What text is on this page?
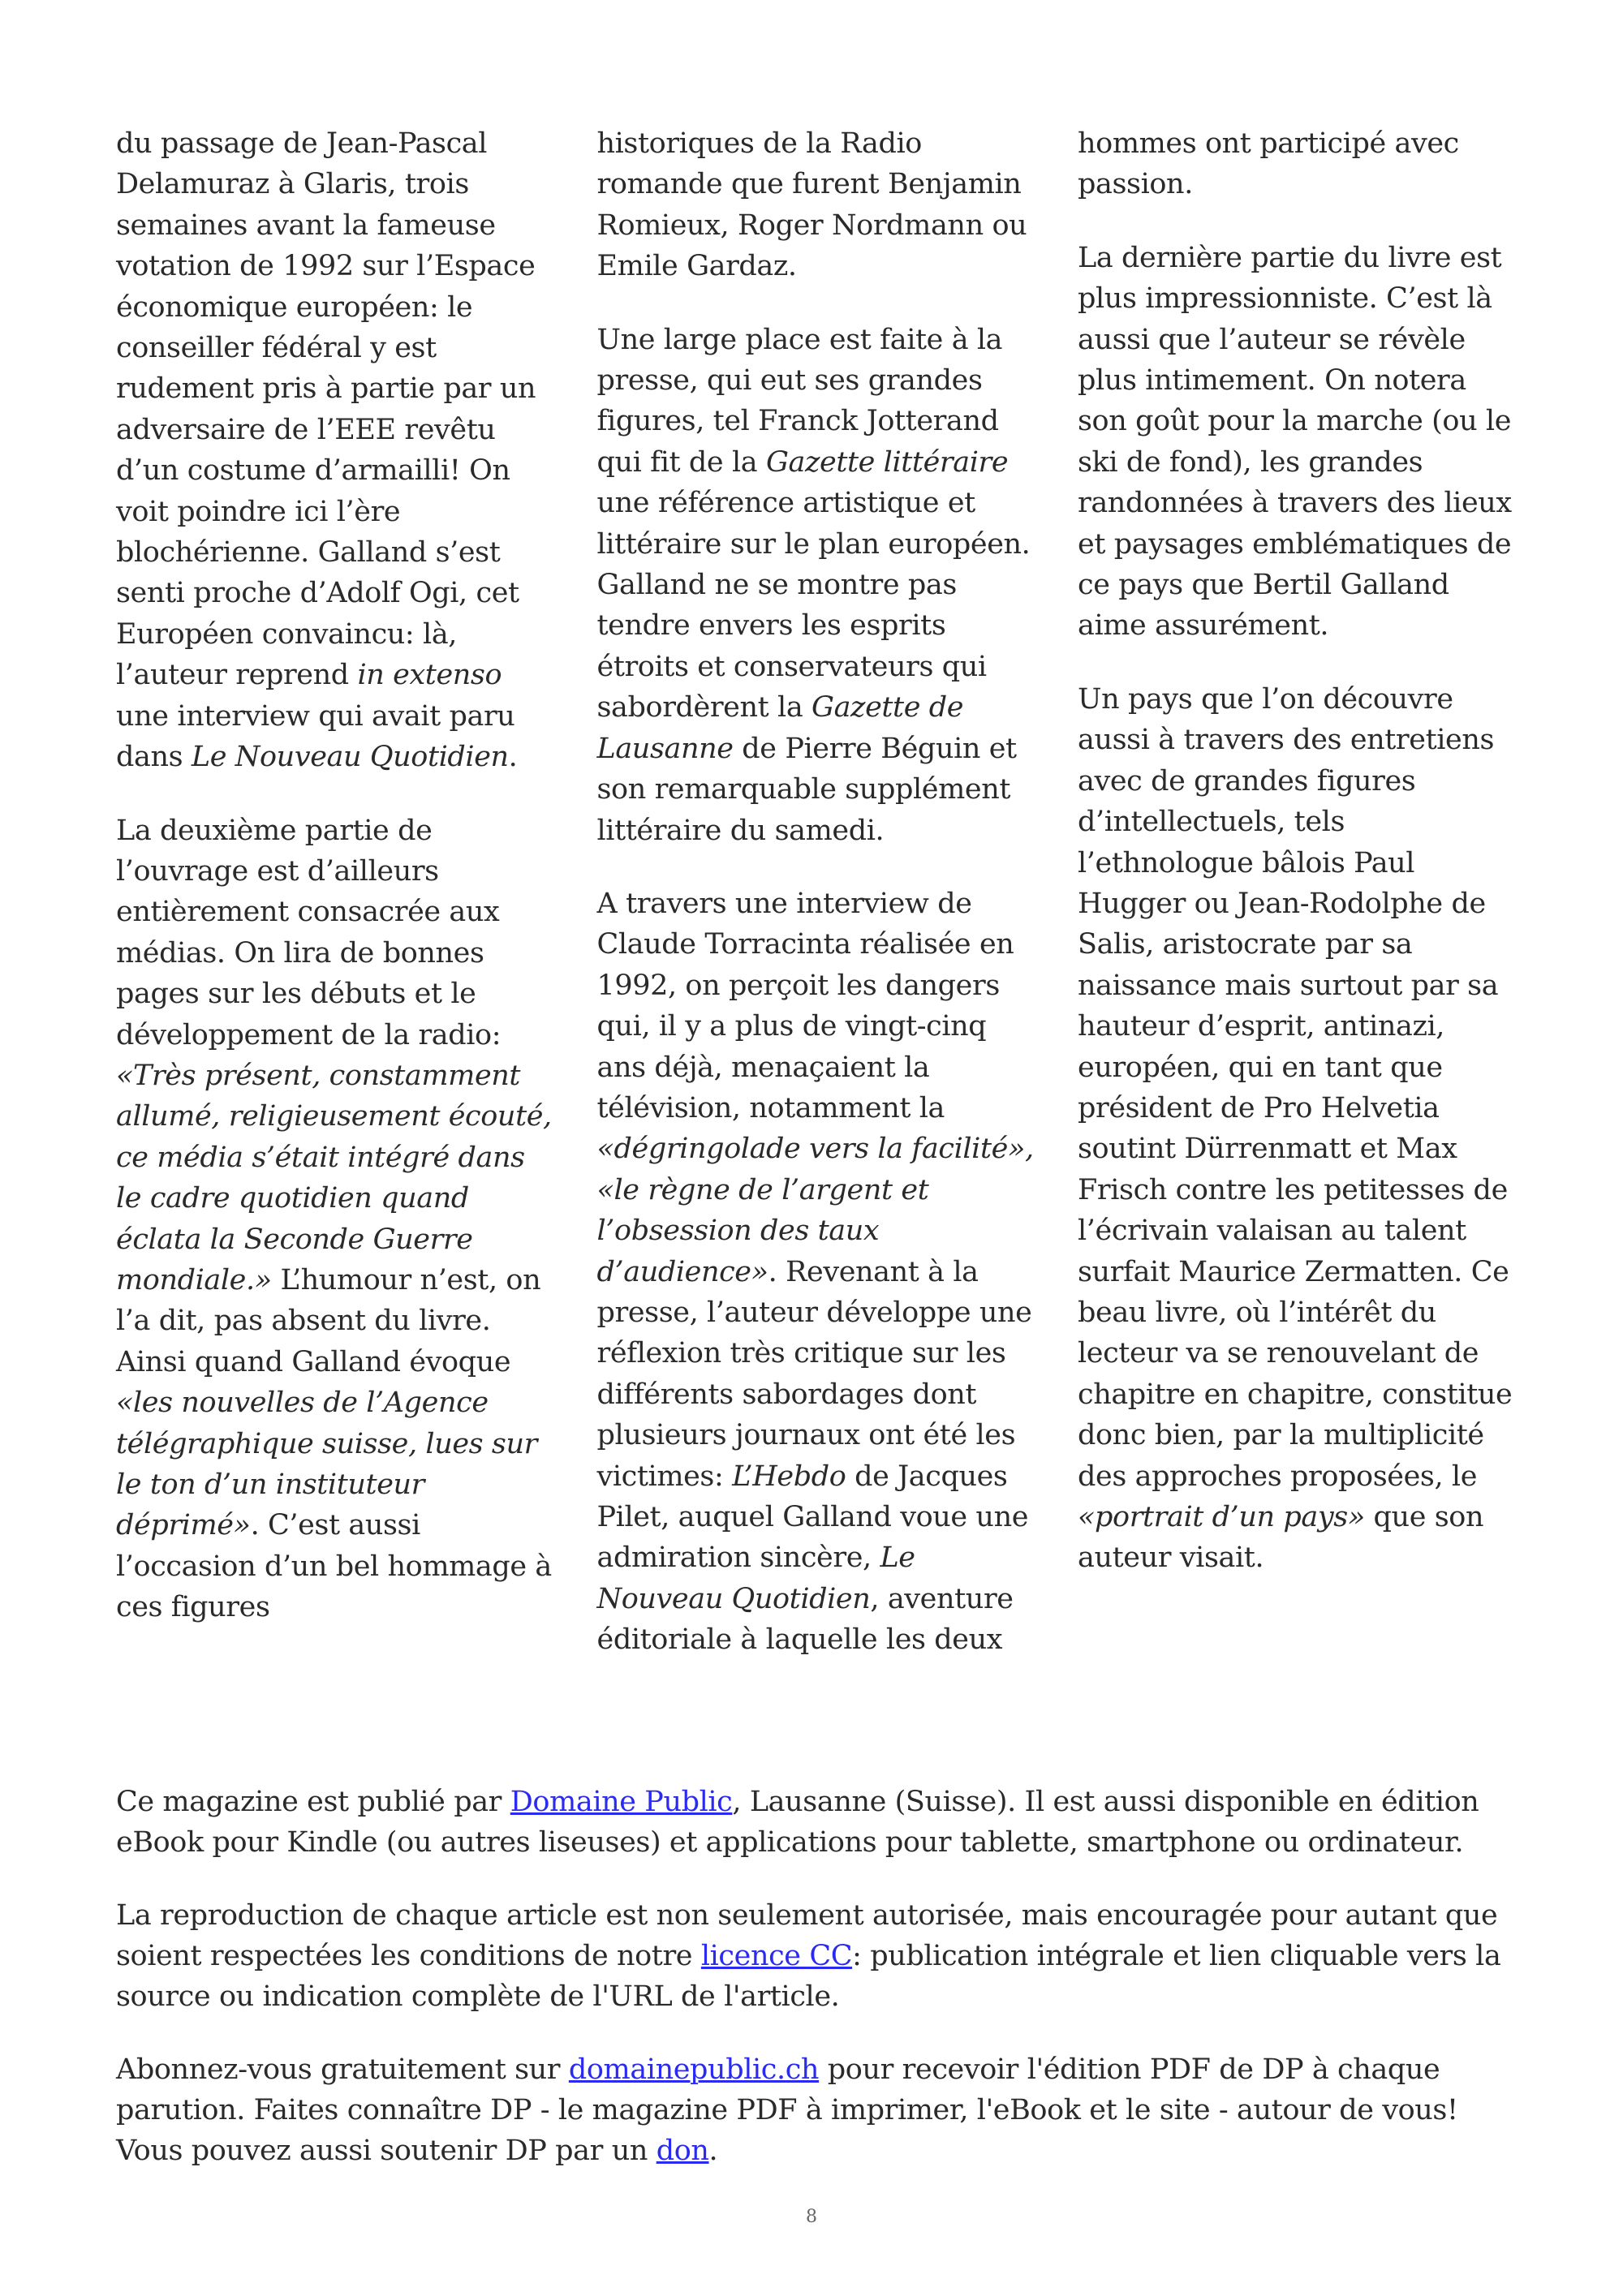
du passage de Jean-Pascal Delamuraz à Glaris, trois semaines avant la fameuse votation de 1992 sur l’Espace économique européen: le conseiller fédéral y est rudement pris à partie par un adversaire de l’EEE revêtu d’un costume d’armailli! On voit poindre ici l’ère blochérienne. Galland s’est senti proche d’Adolf Ogi, cet Européen convaincu: là, l’auteur reprend in extenso une interview qui avait paru dans Le Nouveau Quotidien.

La deuxième partie de l’ouvrage est d’ailleurs entièrement consacrée aux médias. On lira de bonnes pages sur les débuts et le développement de la radio: «Très présent, constamment allumé, religieusement écouté, ce média s’était intégré dans le cadre quotidien quand éclata la Seconde Guerre mondiale.» L’humour n’est, on l’a dit, pas absent du livre. Ainsi quand Galland évoque «les nouvelles de l’Agence télégraphique suisse, lues sur le ton d’un instituteur déprimé». C’est aussi l’occasion d’un bel hommage à ces figures

historiques de la Radio romande que furent Benjamin Romieux, Roger Nordmann ou Emile Gardaz.

Une large place est faite à la presse, qui eut ses grandes figures, tel Franck Jotterand qui fit de la Gazette littéraire une référence artistique et littéraire sur le plan européen. Galland ne se montre pas tendre envers les esprits étroits et conservateurs qui sabordèrent la Gazette de Lausanne de Pierre Béguin et son remarquable supplément littéraire du samedi.

A travers une interview de Claude Torracinta réalisée en 1992, on perçoit les dangers qui, il y a plus de vingt-cinq ans déjà, menaçaient la télévision, notamment la «dégringolade vers la facilité», «le règne de l’argent et l’obsession des taux d’audience». Revenant à la presse, l’auteur développe une réflexion très critique sur les différents sabordages dont plusieurs journaux ont été les victimes: L’Hebdo de Jacques Pilet, auquel Galland voue une admiration sincère, Le Nouveau Quotidien, aventure éditoriale à laquelle les deux

hommes ont participé avec passion.

La dernière partie du livre est plus impressionniste. C’est là aussi que l’auteur se révèle plus intimement. On notera son goût pour la marche (ou le ski de fond), les grandes randonnées à travers des lieux et paysages emblématiques de ce pays que Bertil Galland aime assurément.

Un pays que l’on découvre aussi à travers des entretiens avec de grandes figures d’intellectuels, tels l’ethnologue bâlois Paul Hugger ou Jean-Rodolphe de Salis, aristocrate par sa naissance mais surtout par sa hauteur d’esprit, antinazi, européen, qui en tant que président de Pro Helvetia soutint Dürrenmatt et Max Frisch contre les petitesses de l’écrivain valaisan au talent surfait Maurice Zermatten. Ce beau livre, où l’intérêt du lecteur va se renouvelant de chapitre en chapitre, constitue donc bien, par la multiplicité des approches proposées, le «portrait d’un pays» que son auteur visait.

Ce magazine est publié par Domaine Public, Lausanne (Suisse). Il est aussi disponible en édition eBook pour Kindle (ou autres liseuses) et applications pour tablette, smartphone ou ordinateur.

La reproduction de chaque article est non seulement autorisée, mais encouragée pour autant que soient respectées les conditions de notre licence CC: publication intégrale et lien cliquable vers la source ou indication complète de l'URL de l'article.

Abonnez-vous gratuitement sur domainepublic.ch pour recevoir l'édition PDF de DP à chaque parution. Faites connaître DP - le magazine PDF à imprimer, l'eBook et le site - autour de vous! Vous pouvez aussi soutenir DP par un don.

8
